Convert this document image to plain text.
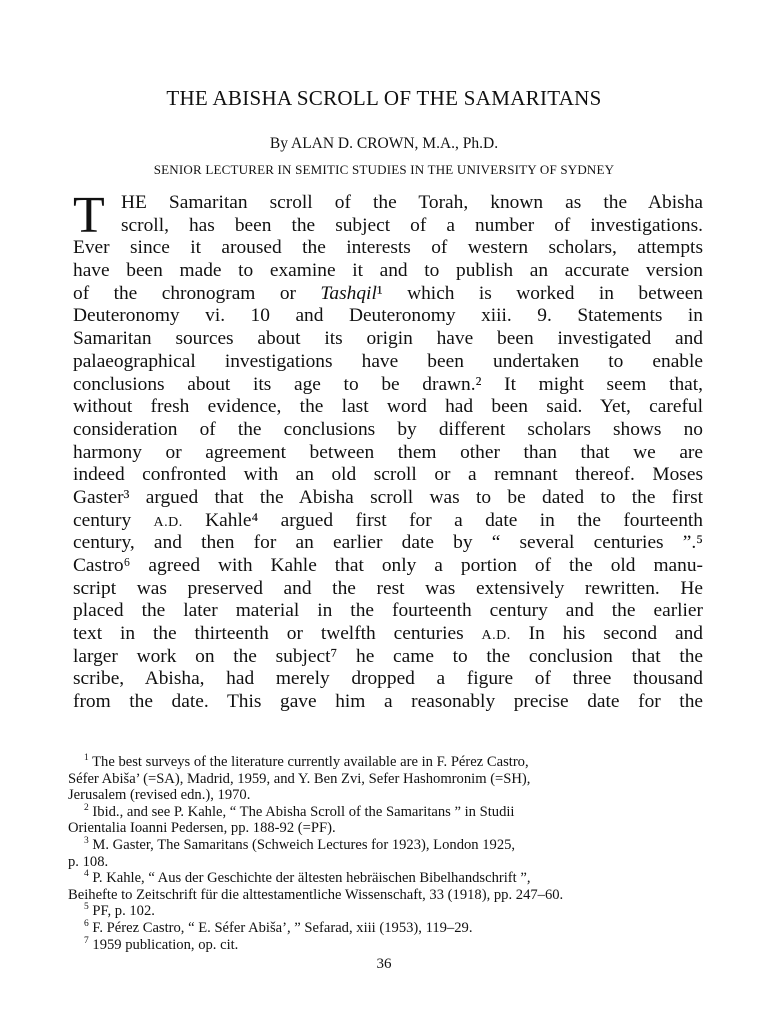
THE ABISHA SCROLL OF THE SAMARITANS

By ALAN D. CROWN, M.A., Ph.D.

SENIOR LECTURER IN SEMITIC STUDIES IN THE UNIVERSITY OF SYDNEY

T HE Samaritan scroll of the Torah, known as the Abisha
scroll, has been the subject of a number of investigations.
Ever since it aroused the interests of western scholars, attempts
have been made to examine it and to publish an accurate version
of the chronogram or Tashqil¹ which is worked in between
Deuteronomy vi. 10 and Deuteronomy xiii. 9. Statements in
Samaritan sources about its origin have been investigated and
palaeographical investigations have been undertaken to enable
conclusions about its age to be drawn.² It might seem that,
without fresh evidence, the last word had been said. Yet, careful
consideration of the conclusions by different scholars shows no
harmony or agreement between them other than that we are
indeed confronted with an old scroll or a remnant thereof. Moses
Gaster³ argued that the Abisha scroll was to be dated to the first
century A.D. Kahle⁴ argued first for a date in the fourteenth
century, and then for an earlier date by “ several centuries ”.⁵
Castro⁶ agreed with Kahle that only a portion of the old manu-
script was preserved and the rest was extensively rewritten. He
placed the later material in the fourteenth century and the earlier
text in the thirteenth or twelfth centuries A.D. In his second and
larger work on the subject⁷ he came to the conclusion that the
scribe, Abisha, had merely dropped a figure of three thousand
from the date. This gave him a reasonably precise date for the
$^1$ The best surveys of the literature currently available are in F. Pérez Castro,
Séfer Abiša’ (=SA), Madrid, 1959, and Y. Ben Zvi, Sefer Hashomronim (=SH),
Jerusalem (revised edn.), 1970.
$^2$ Ibid., and see P. Kahle, “ The Abisha Scroll of the Samaritans ” in Studii
Orientalia Ioanni Pedersen, pp. 188-92 (=PF).
$^3$ M. Gaster, The Samaritans (Schweich Lectures for 1923), London 1925,
p. 108.
$^4$ P. Kahle, “ Aus der Geschichte der ältesten hebräischen Bibelhandschrift ”,
Beihefte to Zeitschrift für die alttestamentliche Wissenschaft, 33 (1918), pp. 247–60.
$^5$ PF, p. 102.
$^6$ F. Pérez Castro, “ E. Séfer Abiša’, ” Sefarad, xiii (1953), 119–29.
$^7$ 1959 publication, op. cit.

36
